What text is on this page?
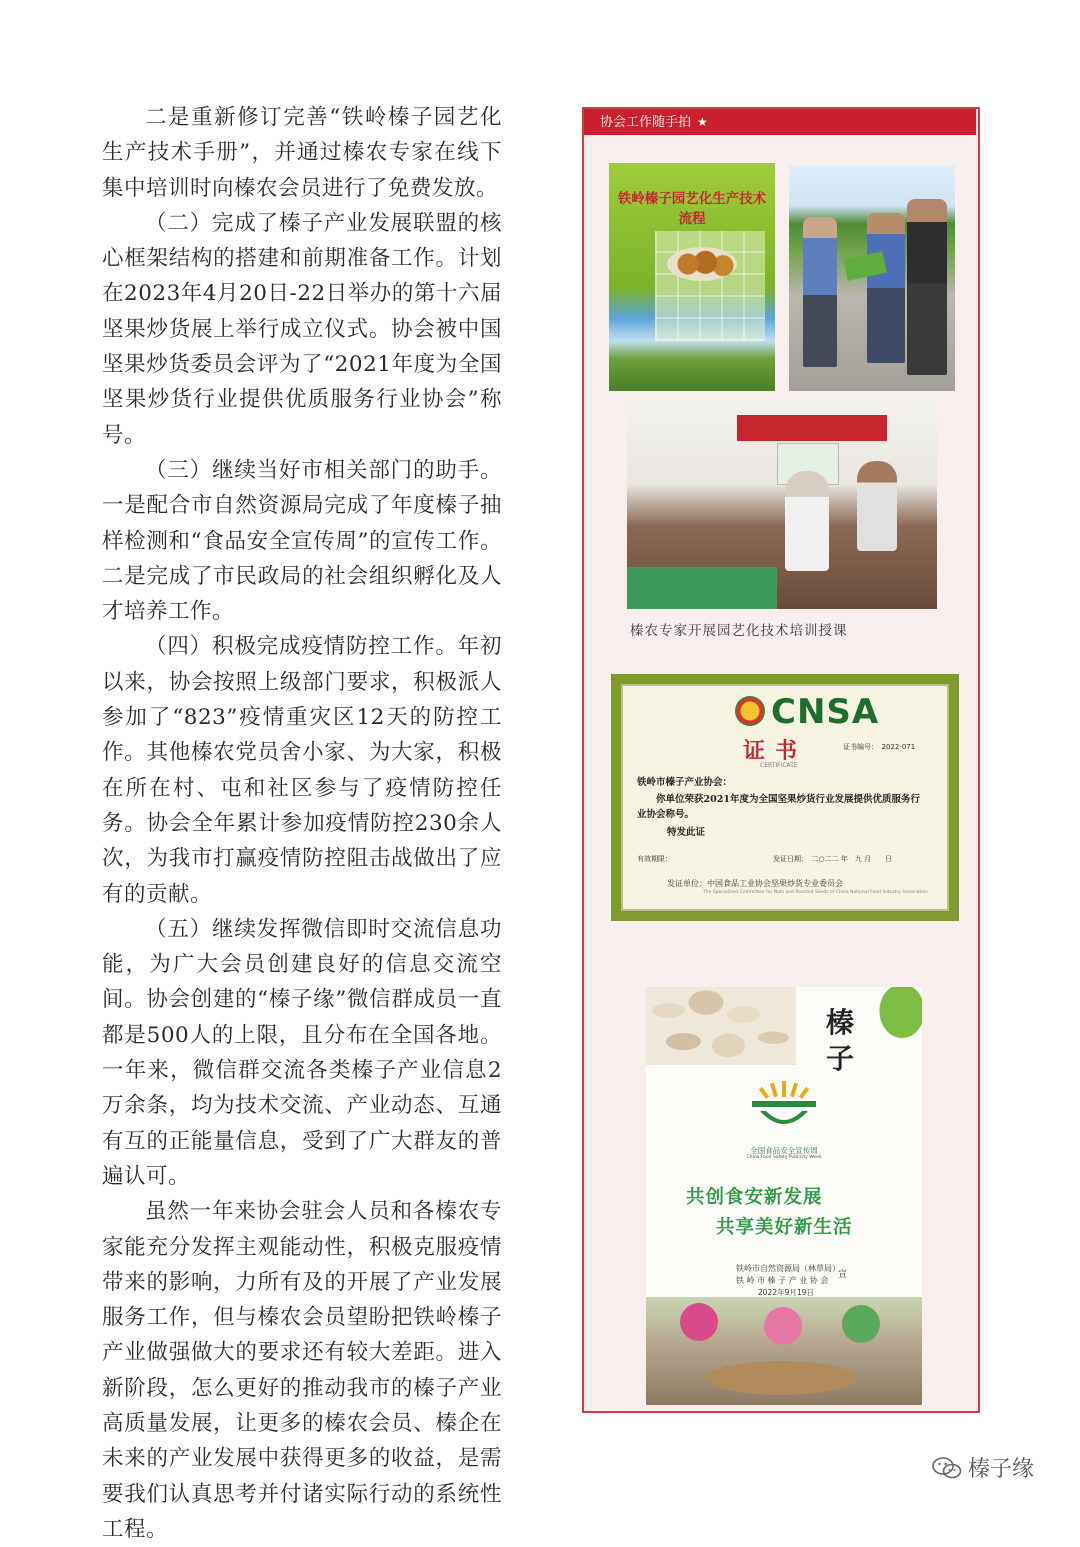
二是重新修订完善“铁岭榛子园艺化生产技术手册”，并通过榛农专家在线下集中培训时向榛农会员进行了免费发放。

（二）完成了榛子产业发展联盟的核心框架结构的搭建和前期准备工作。计划在2023年4月20日-22日举办的第十六届坚果炒货展上举行成立仪式。协会被中国坚果炒货委员会评为了“2021年度为全国坚果炒货行业提供优质服务行业协会”称号。

（三）继续当好市相关部门的助手。一是配合市自然资源局完成了年度榛子抽样检测和“食品安全宣传周”的宣传工作。二是完成了市民政局的社会组织孵化及人才培养工作。

（四）积极完成疫情防控工作。年初以来，协会按照上级部门要求，积极派人参加了“823”疫情重灾区12天的防控工作。其他榛农党员舍小家、为大家，积极在所在村、屯和社区参与了疫情防控任务。协会全年累计参加疫情防控230余人次，为我市打赢疫情防控阻击战做出了应有的贡献。

（五）继续发挥微信即时交流信息功能，为广大会员创建良好的信息交流空间。协会创建的“榛子缘”微信群成员一直都是500人的上限，且分布在全国各地。一年来，微信群交流各类榛子产业信息2万余条，均为技术交流、产业动态、互通有互的正能量信息，受到了广大群友的普遍认可。

虽然一年来协会驻会人员和各榛农专家能充分发挥主观能动性，积极克服疫情带来的影响，力所有及的开展了产业发展服务工作，但与榛农会员望盼把铁岭榛子产业做强做大的要求还有较大差距。进入新阶段，怎么更好的推动我市的榛子产业高质量发展，让更多的榛农会员、榛企在未来的产业发展中获得更多的收益，是需要我们认真思考并付诸实际行动的系统性工程。

协会工作随手拍 ★
铁岭榛子园艺化生产技术流程
榛农专家开展园艺化技术培训授课
CNSA
证书
CERTIFICATE
证书编号：　2022-071
铁岭市榛子产业协会：
你单位荣获2021年度为全国坚果炒货行业发展提供优质服务行业协会称号。
特发此证
有效期限：	发证日期：　二○二二 年　九 月　　日
发证单位：中国食品工业协会坚果炒货专业委员会
The Specialized Committee for Nuts and Roasted Seeds of China National Food Industry Association
榛子
全国食品安全宣传周
China Food Safety Publicity Week
共创食安新发展
共享美好新生活
铁岭市自然资源局（林草局）
铁 岭 市 榛 子 产 业 协 会
宣
2022年9月19日
榛子缘
